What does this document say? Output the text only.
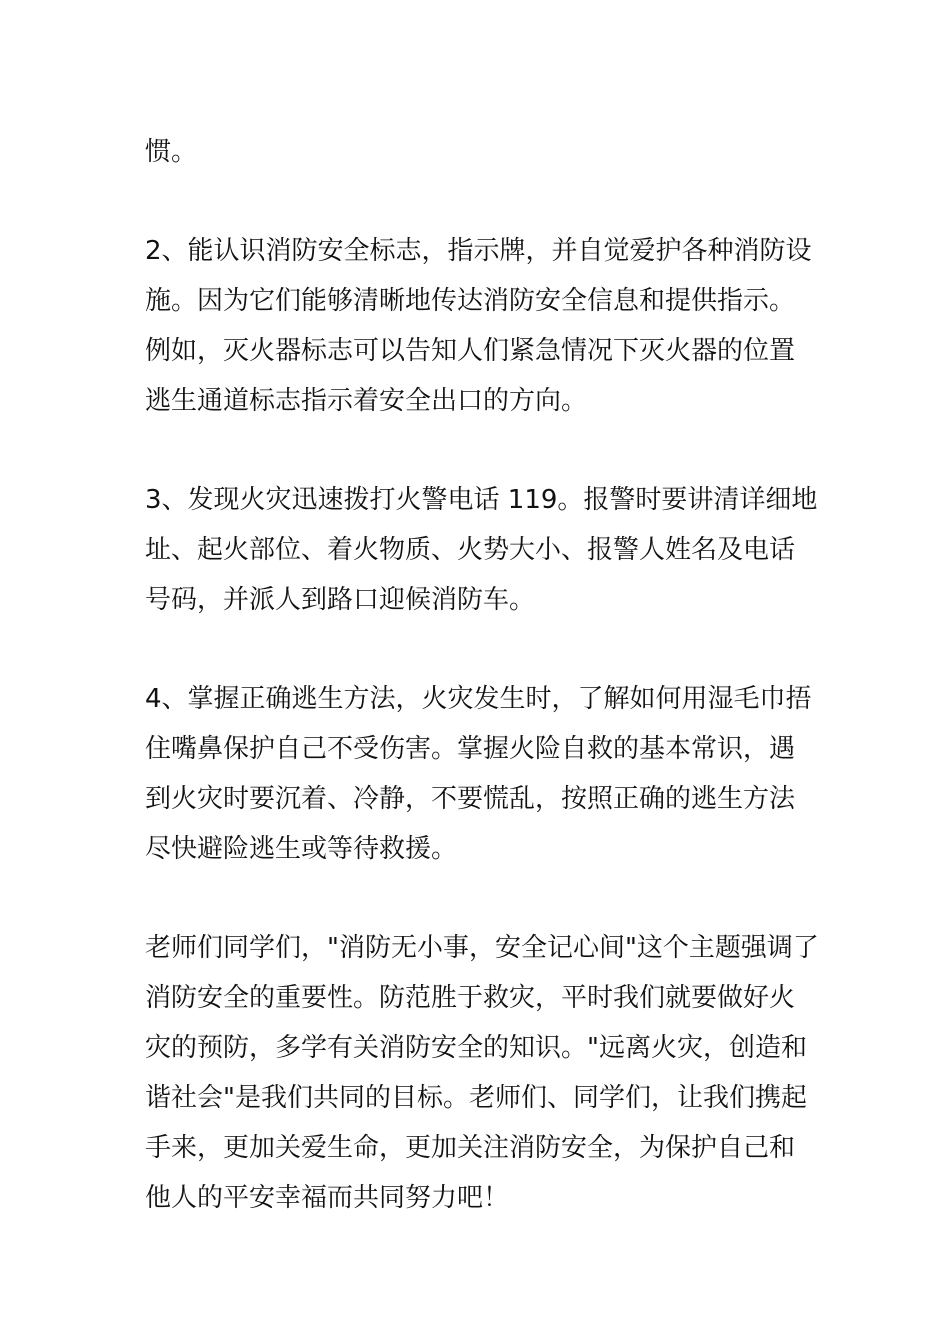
惯。
2、能认识消防安全标志，指示牌，并自觉爱护各种消防设
施。因为它们能够清晰地传达消防安全信息和提供指示。
例如，灭火器标志可以告知人们紧急情况下灭火器的位置
逃生通道标志指示着安全出口的方向。
3、发现火灾迅速拨打火警电话 119。报警时要讲清详细地
址、起火部位、着火物质、火势大小、报警人姓名及电话
号码，并派人到路口迎候消防车。
4、掌握正确逃生方法，火灾发生时，了解如何用湿毛巾捂
住嘴鼻保护自己不受伤害。掌握火险自救的基本常识，遇
到火灾时要沉着、冷静，不要慌乱，按照正确的逃生方法
尽快避险逃生或等待救援。
老师们同学们，"消防无小事，安全记心间"这个主题强调了
消防安全的重要性。防范胜于救灾，平时我们就要做好火
灾的预防，多学有关消防安全的知识。"远离火灾，创造和
谐社会"是我们共同的目标。老师们、同学们，让我们携起
手来，更加关爱生命，更加关注消防安全，为保护自己和
他人的平安幸福而共同努力吧！
